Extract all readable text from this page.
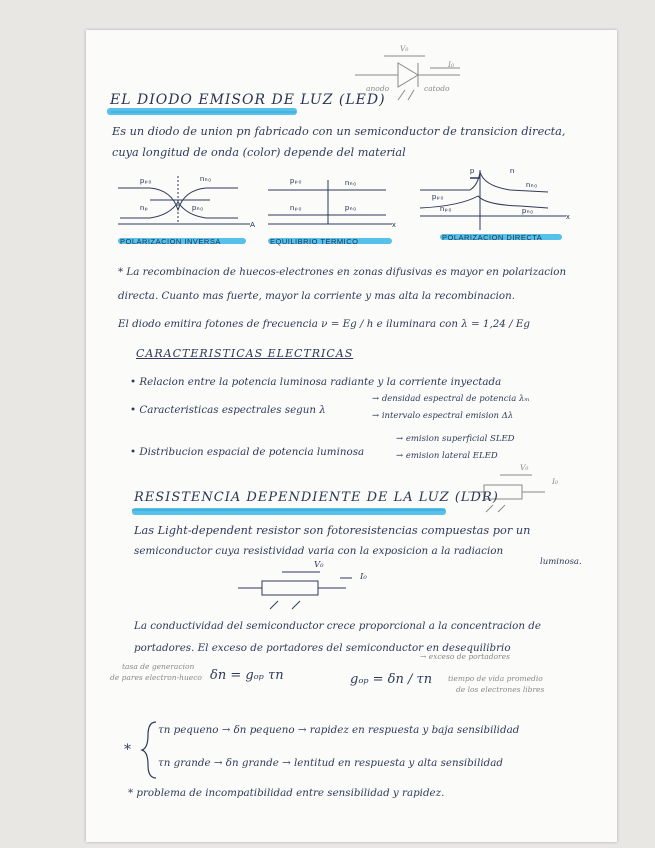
V₀
I₀
anodo	catodo
EL DIODO EMISOR DE LUZ (LED)
Es un diodo de union pn fabricado con un semiconductor de transicion directa,
cuya longitud de onda (color) depende del material
pₚ₀	nₙ₀
nₚ	pₙ₀
A
POLARIZACION INVERSA
pₚ₀	nₙ₀
nₚ₀	pₙ₀
x
EQUILIBRIO TERMICO
p	n
pₚ₀
nₙ₀
nₚ₀	pₙ₀
x
POLARIZACION DIRECTA
* La recombinacion de huecos-electrones en zonas difusivas es mayor en polarizacion
directa. Cuanto mas fuerte, mayor la corriente y mas alta la recombinacion.
El diodo emitira fotones de frecuencia ν = Eg / h e iluminara con λ = 1,24 / Eg
CARACTERISTICAS ELECTRICAS
• Relacion entre la potencia luminosa radiante y la corriente inyectada
• Caracteristicas espectrales segun λ
→ densidad espectral de potencia λₘ
→ intervalo espectral emision Δλ
• Distribucion espacial de potencia luminosa
→ emision superficial SLED
→ emision lateral ELED
RESISTENCIA DEPENDIENTE DE LA LUZ (LDR)
V₀
I₀
Las Light-dependent resistor son fotoresistencias compuestas por un
semiconductor cuya resistividad varia con la exposicion a la radiacion
luminosa.
V₀
I₀
La conductividad del semiconductor crece proporcional a la concentracion de
portadores. El exceso de portadores del semiconductor en desequilibrio
tasa de generacion
de pares electron-hueco δn = gₒₚ τn	gₒₚ = δn / τn
→ exceso de portadores
tiempo de vida promedio
de los electrones libres
*
τn pequeno → δn pequeno → rapidez en respuesta y baja sensibilidad
τn grande → δn grande → lentitud en respuesta y alta sensibilidad
* problema de incompatibilidad entre sensibilidad y rapidez.
